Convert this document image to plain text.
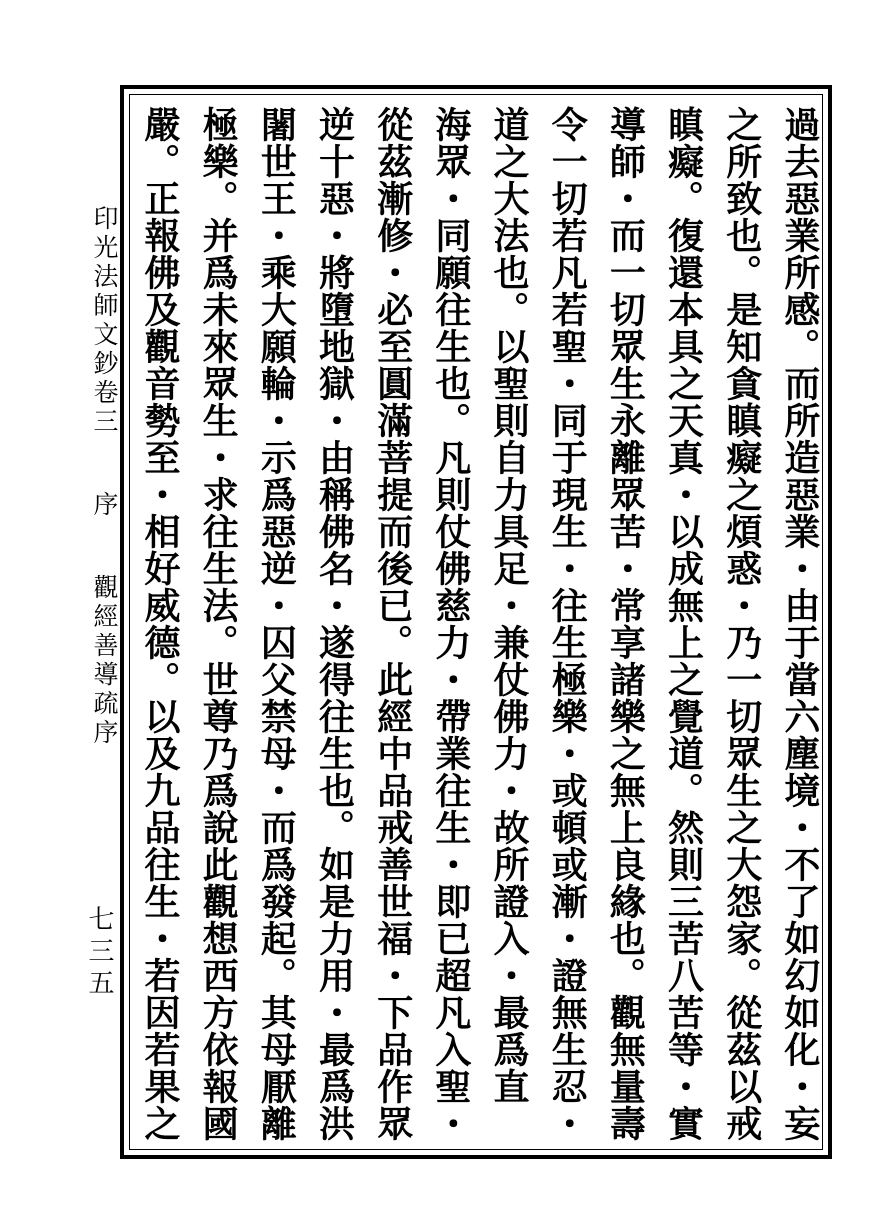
印光法師文鈔卷三  序  觀經善導疏序
七三五
過去惡業所感。而所造惡業・由于當六塵境・不了如幻如化・妄
之所致也。是知貪瞋癡之煩惑・乃一切眾生之大怨家。從茲以戒
瞋癡。復還本具之天真・以成無上之覺道。然則三苦八苦等・實
導師・而一切眾生永離眾苦・常享諸樂之無上良緣也。觀無量壽
令一切若凡若聖・同于現生・往生極樂・或頓或漸・證無生忍・
道之大法也。以聖則自力具足・兼仗佛力・故所證入・最爲直
海眾・同願往生也。凡則仗佛慈力・帶業往生・即已超凡入聖・
從茲漸修・必至圓滿菩提而後已。此經中品戒善世福・下品作眾
逆十惡・將墮地獄・由稱佛名・遂得往生也。如是力用・最爲洪
闍世王・乘大願輪・示爲惡逆・囚父禁母・而爲發起。其母厭離
極樂。并爲未來眾生・求往生法。世尊乃爲說此觀想西方依報國
嚴。正報佛及觀音勢至・相好威德。以及九品往生・若因若果之
